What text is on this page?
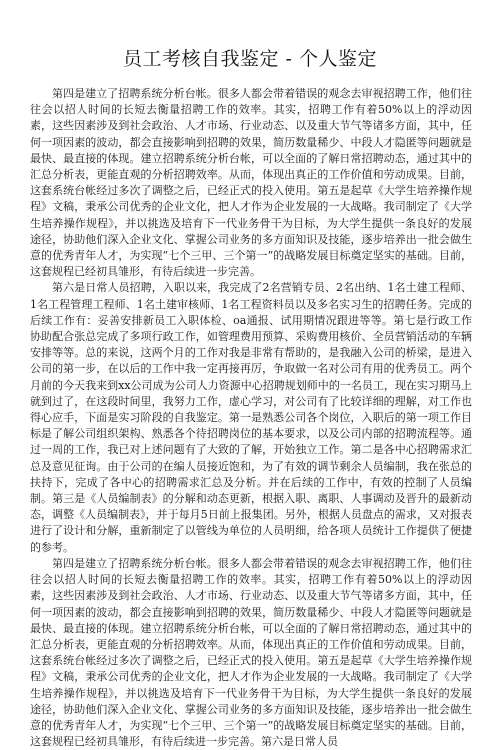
员工考核自我鉴定 - 个人鉴定

第四是建立了招聘系统分析台帐。很多人都会带着错误的观念去审视招聘工作，他们往往会以招人时间的长短去衡量招聘工作的效率。其实，招聘工作有着50%以上的浮动因素，这些因素涉及到社会政治、人才市场、行业动态、以及重大节气等诸多方面，其中，任何一项因素的波动，都会直接影响到招聘的效果，简历数量稀少、中段人才隐匿等问题就是最快、最直接的体现。建立招聘系统分析台帐，可以全面的了解日常招聘动态，通过其中的汇总分析表，更能直观的分析招聘效率。从而，体现出真正的工作价值和劳动成果。目前，这套系统台帐经过多次了调整之后，已经正式的投入使用。第五是起草《大学生培养操作规程》文稿，秉承公司优秀的企业文化，把人才作为企业发展的一大战略。我司制定了《大学生培养操作规程》，并以挑选及培育下一代业务骨干为目标，为大学生提供一条良好的发展途径，协助他们深入企业文化、掌握公司业务的多方面知识及技能，逐步培养出一批会做生意的优秀青年人才，为实现“七个三甲、三个第一”的战略发展目标奠定坚实的基础。目前，这套规程已经初具雏形，有待后续进一步完善。

第六是日常人员招聘，入职以来，我完成了2名营销专员、2名出纳、1名土建工程师、1名工程管理工程师、1名土建审核师、1名工程资料员以及多名实习生的招聘任务。完成的后续工作有：妥善安排新员工入职体检、oa通报、试用期情况跟进等等。第七是行政工作协助配合张总完成了多项行政工作，如管理费用预算、采购费用核价、全员营销活动的车辆安排等等。总的来说，这两个月的工作对我是非常有帮助的，是我融入公司的桥梁，是进入公司的第一步，在以后的工作中我一定再接再厉，争取做一名对公司有用的优秀员工。两个月前的今天我来到xx公司成为公司人力资源中心招聘规划师中的一名员工，现在实习期马上就到过了，在这段时间里，我努力工作，虚心学习，对公司有了比较详细的理解，对工作也得心应手，下面是实习阶段的自我鉴定。第一是熟悉公司各个岗位，入职后的第一项工作目标是了解公司组织架构、熟悉各个待招聘岗位的基本要求，以及公司内部的招聘流程等。通过一周的工作，我已对上述问题有了大致的了解，开始独立工作。第二是各中心招聘需求汇总及意见征询。由于公司的在编人员接近饱和，为了有效的调节剩余人员编制，我在张总的扶持下，完成了各中心的招聘需求汇总及分析。并在后续的工作中，有效的控制了人员编制。第三是《人员编制表》的分解和动态更新，根据入职、离职、人事调动及晋升的最新动态，调整《人员编制表》，并于每月5日前上报集团。另外，根据人员盘点的需求，又对报表进行了设计和分解，重新制定了以管线为单位的人员明细，给各项人员统计工作提供了便捷的参考。

第四是建立了招聘系统分析台帐。很多人都会带着错误的观念去审视招聘工作，他们往往会以招人时间的长短去衡量招聘工作的效率。其实，招聘工作有着50%以上的浮动因素，这些因素涉及到社会政治、人才市场、行业动态、以及重大节气等诸多方面，其中，任何一项因素的波动，都会直接影响到招聘的效果，简历数量稀少、中段人才隐匿等问题就是最快、最直接的体现。建立招聘系统分析台帐，可以全面的了解日常招聘动态，通过其中的汇总分析表，更能直观的分析招聘效率。从而，体现出真正的工作价值和劳动成果。目前，这套系统台帐经过多次了调整之后，已经正式的投入使用。第五是起草《大学生培养操作规程》文稿，秉承公司优秀的企业文化，把人才作为企业发展的一大战略。我司制定了《大学生培养操作规程》，并以挑选及培育下一代业务骨干为目标，为大学生提供一条良好的发展途径，协助他们深入企业文化、掌握公司业务的多方面知识及技能，逐步培养出一批会做生意的优秀青年人才，为实现“七个三甲、三个第一”的战略发展目标奠定坚实的基础。目前，这套规程已经初具雏形，有待后续进一步完善。第六是日常人员
